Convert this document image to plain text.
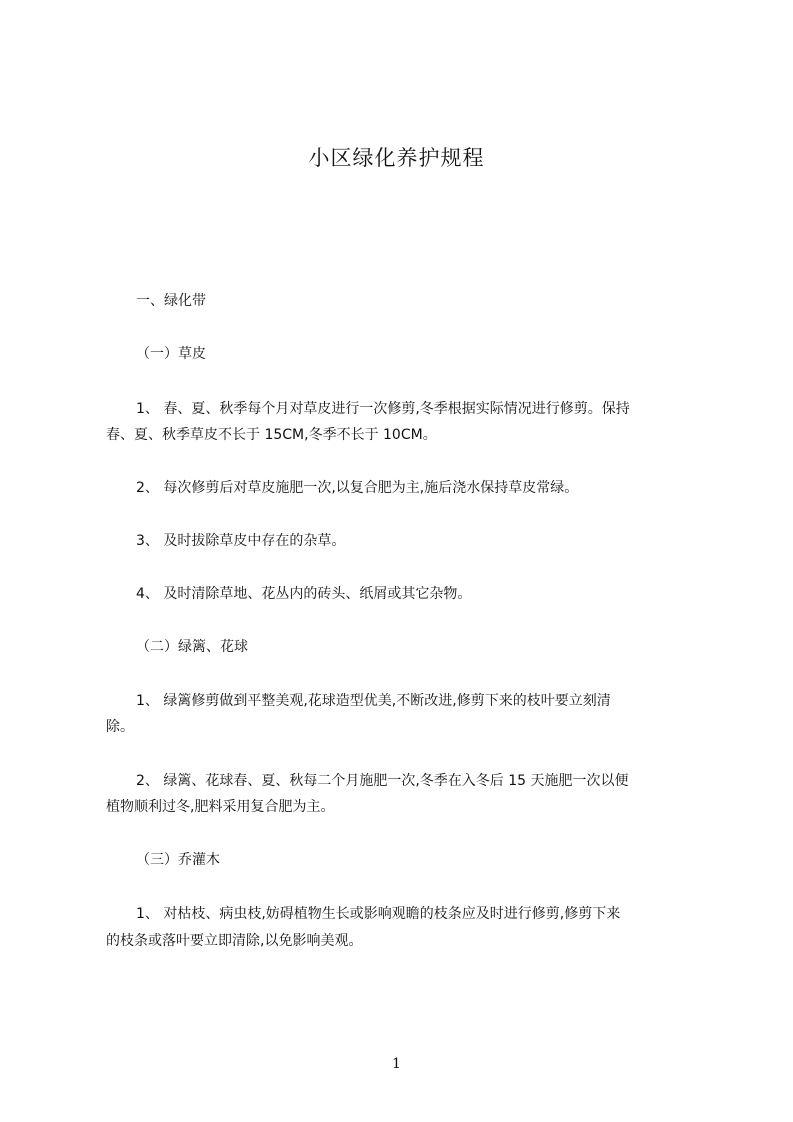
小区绿化养护规程

一、绿化带

（一）草皮

1、 春、夏、秋季每个月对草皮进行一次修剪,冬季根据实际情况进行修剪。保持

春、夏、秋季草皮不长于 15CM,冬季不长于 10CM。

2、 每次修剪后对草皮施肥一次,以复合肥为主,施后浇水保持草皮常绿。

3、 及时拔除草皮中存在的杂草。

4、 及时清除草地、花丛内的砖头、纸屑或其它杂物。

（二）绿篱、花球

1、 绿篱修剪做到平整美观,花球造型优美,不断改进,修剪下来的枝叶要立刻清

除。

2、 绿篱、花球春、夏、秋每二个月施肥一次,冬季在入冬后 15 天施肥一次以便

植物顺利过冬,肥料采用复合肥为主。

（三）乔灌木

1、 对枯枝、病虫枝,妨碍植物生长或影响观瞻的枝条应及时进行修剪,修剪下来

的枝条或落叶要立即清除,以免影响美观。

1
